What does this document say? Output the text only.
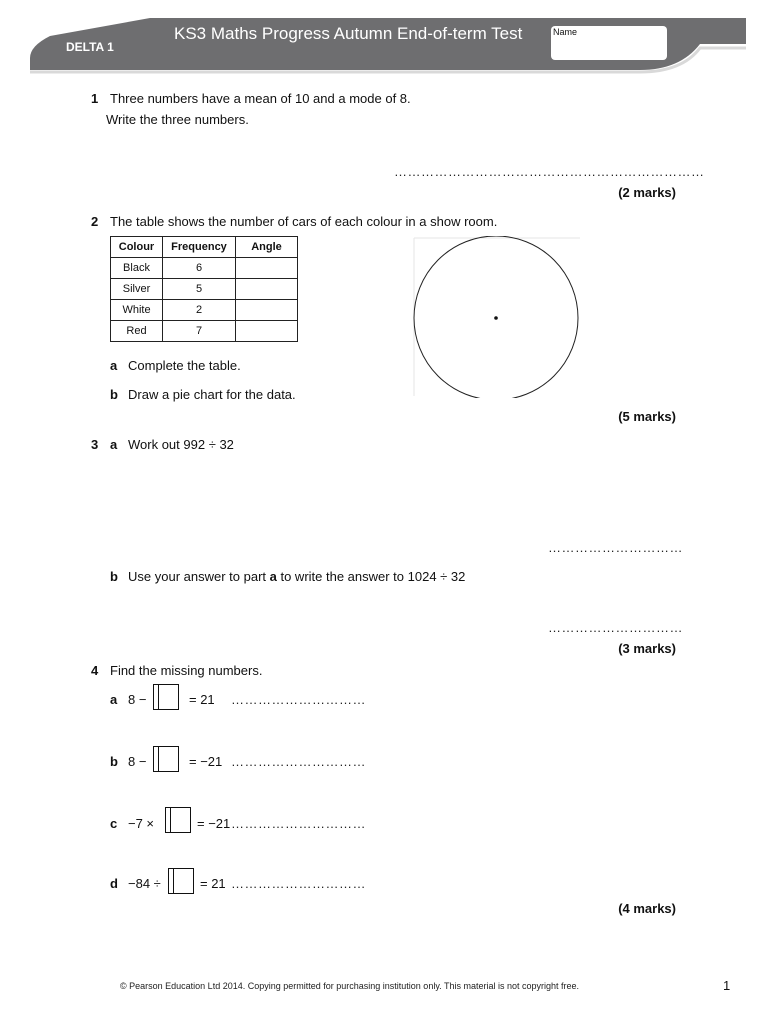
DELTA 1
KS3 Maths Progress Autumn End-of-term Test	Name
1 Three numbers have a mean of 10 and a mode of 8.
Write the three numbers.
……………………………………………………………
(2 marks)
2 The table shows the number of cars of each colour in a show room.
Colour	Frequency	Angle
Black	6	
Silver	5	
White	2	
Red	7	
a Complete the table.
b Draw a pie chart for the data.
(5 marks)
3 a Work out 992 ÷ 32
…………………………
b Use your answer to part a to write the answer to 1024 ÷ 32
…………………………
(3 marks)
4 Find the missing numbers.
a 8 −	= 21 …………………………
b 8 −	= −21 …………………………
c −7 ×	= −21 …………………………
d −84 ÷	= 21 …………………………
(4 marks)
© Pearson Education Ltd 2014. Copying permitted for purchasing institution only. This material is not copyright free.	1
